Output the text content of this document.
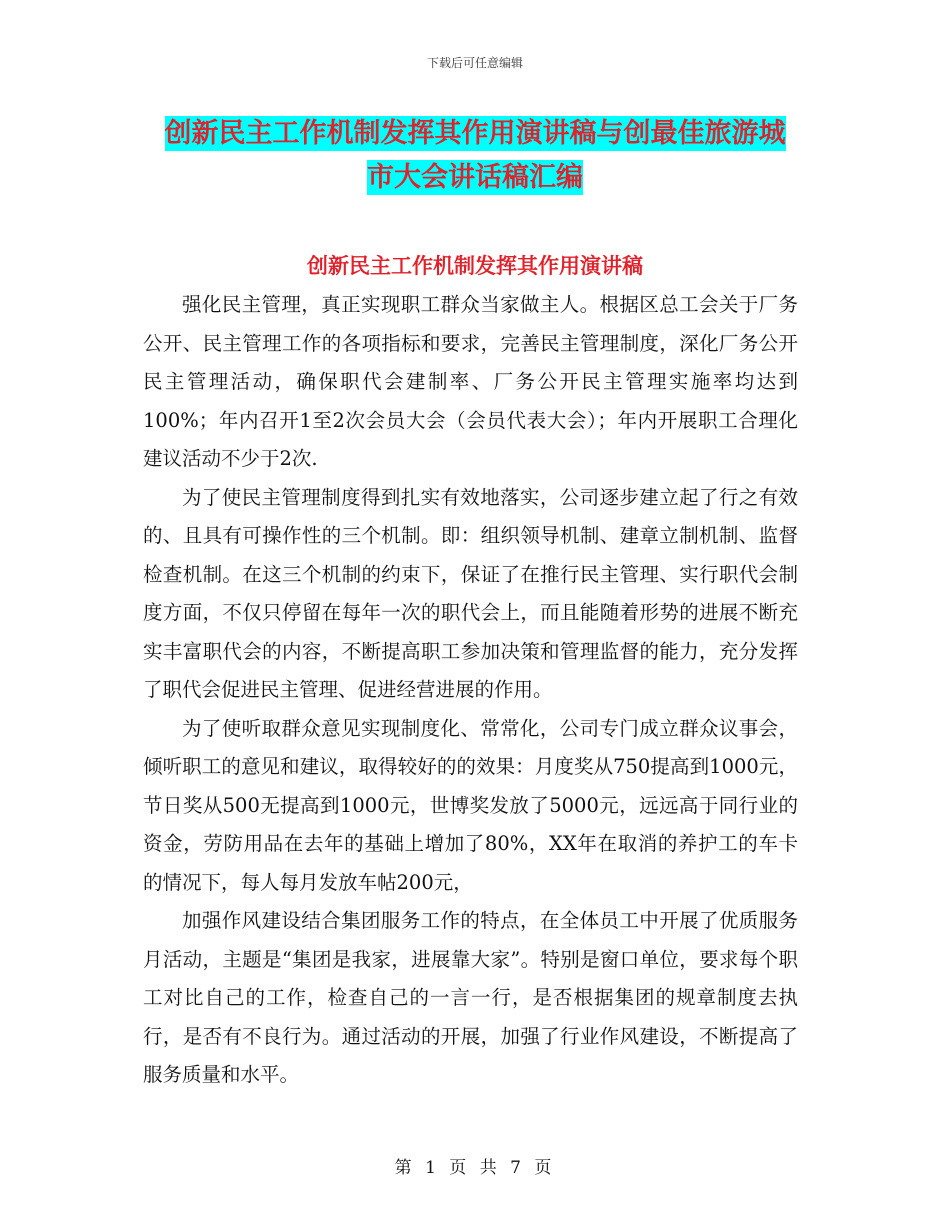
下载后可任意编辑
创新民主工作机制发挥其作用演讲稿与创最佳旅游城
市大会讲话稿汇编
创新民主工作机制发挥其作用演讲稿

强化民主管理，真正实现职工群众当家做主人。根据区总工会关于厂务公开、民主管理工作的各项指标和要求，完善民主管理制度，深化厂务公开民主管理活动，确保职代会建制率、厂务公开民主管理实施率均达到100%；年内召开1至2次会员大会（会员代表大会）；年内开展职工合理化建议活动不少于2次.

为了使民主管理制度得到扎实有效地落实，公司逐步建立起了行之有效的、且具有可操作性的三个机制。即：组织领导机制、建章立制机制、监督检查机制。在这三个机制的约束下，保证了在推行民主管理、实行职代会制度方面，不仅只停留在每年一次的职代会上，而且能随着形势的进展不断充实丰富职代会的内容，不断提高职工参加决策和管理监督的能力，充分发挥了职代会促进民主管理、促进经营进展的作用。

为了使听取群众意见实现制度化、常常化，公司专门成立群众议事会，倾听职工的意见和建议，取得较好的的效果：月度奖从750提高到1000元，节日奖从500无提高到1000元，世博奖发放了5000元，远远高于同行业的资金，劳防用品在去年的基础上增加了80%，XX年在取消的养护工的车卡的情况下，每人每月发放车帖200元，

加强作风建设结合集团服务工作的特点，在全体员工中开展了优质服务月活动，主题是“集团是我家，进展靠大家”。特别是窗口单位，要求每个职工对比自己的工作，检查自己的一言一行，是否根据集团的规章制度去执行，是否有不良行为。通过活动的开展，加强了行业作风建设，不断提高了服务质量和水平。

第 1 页 共 7 页
